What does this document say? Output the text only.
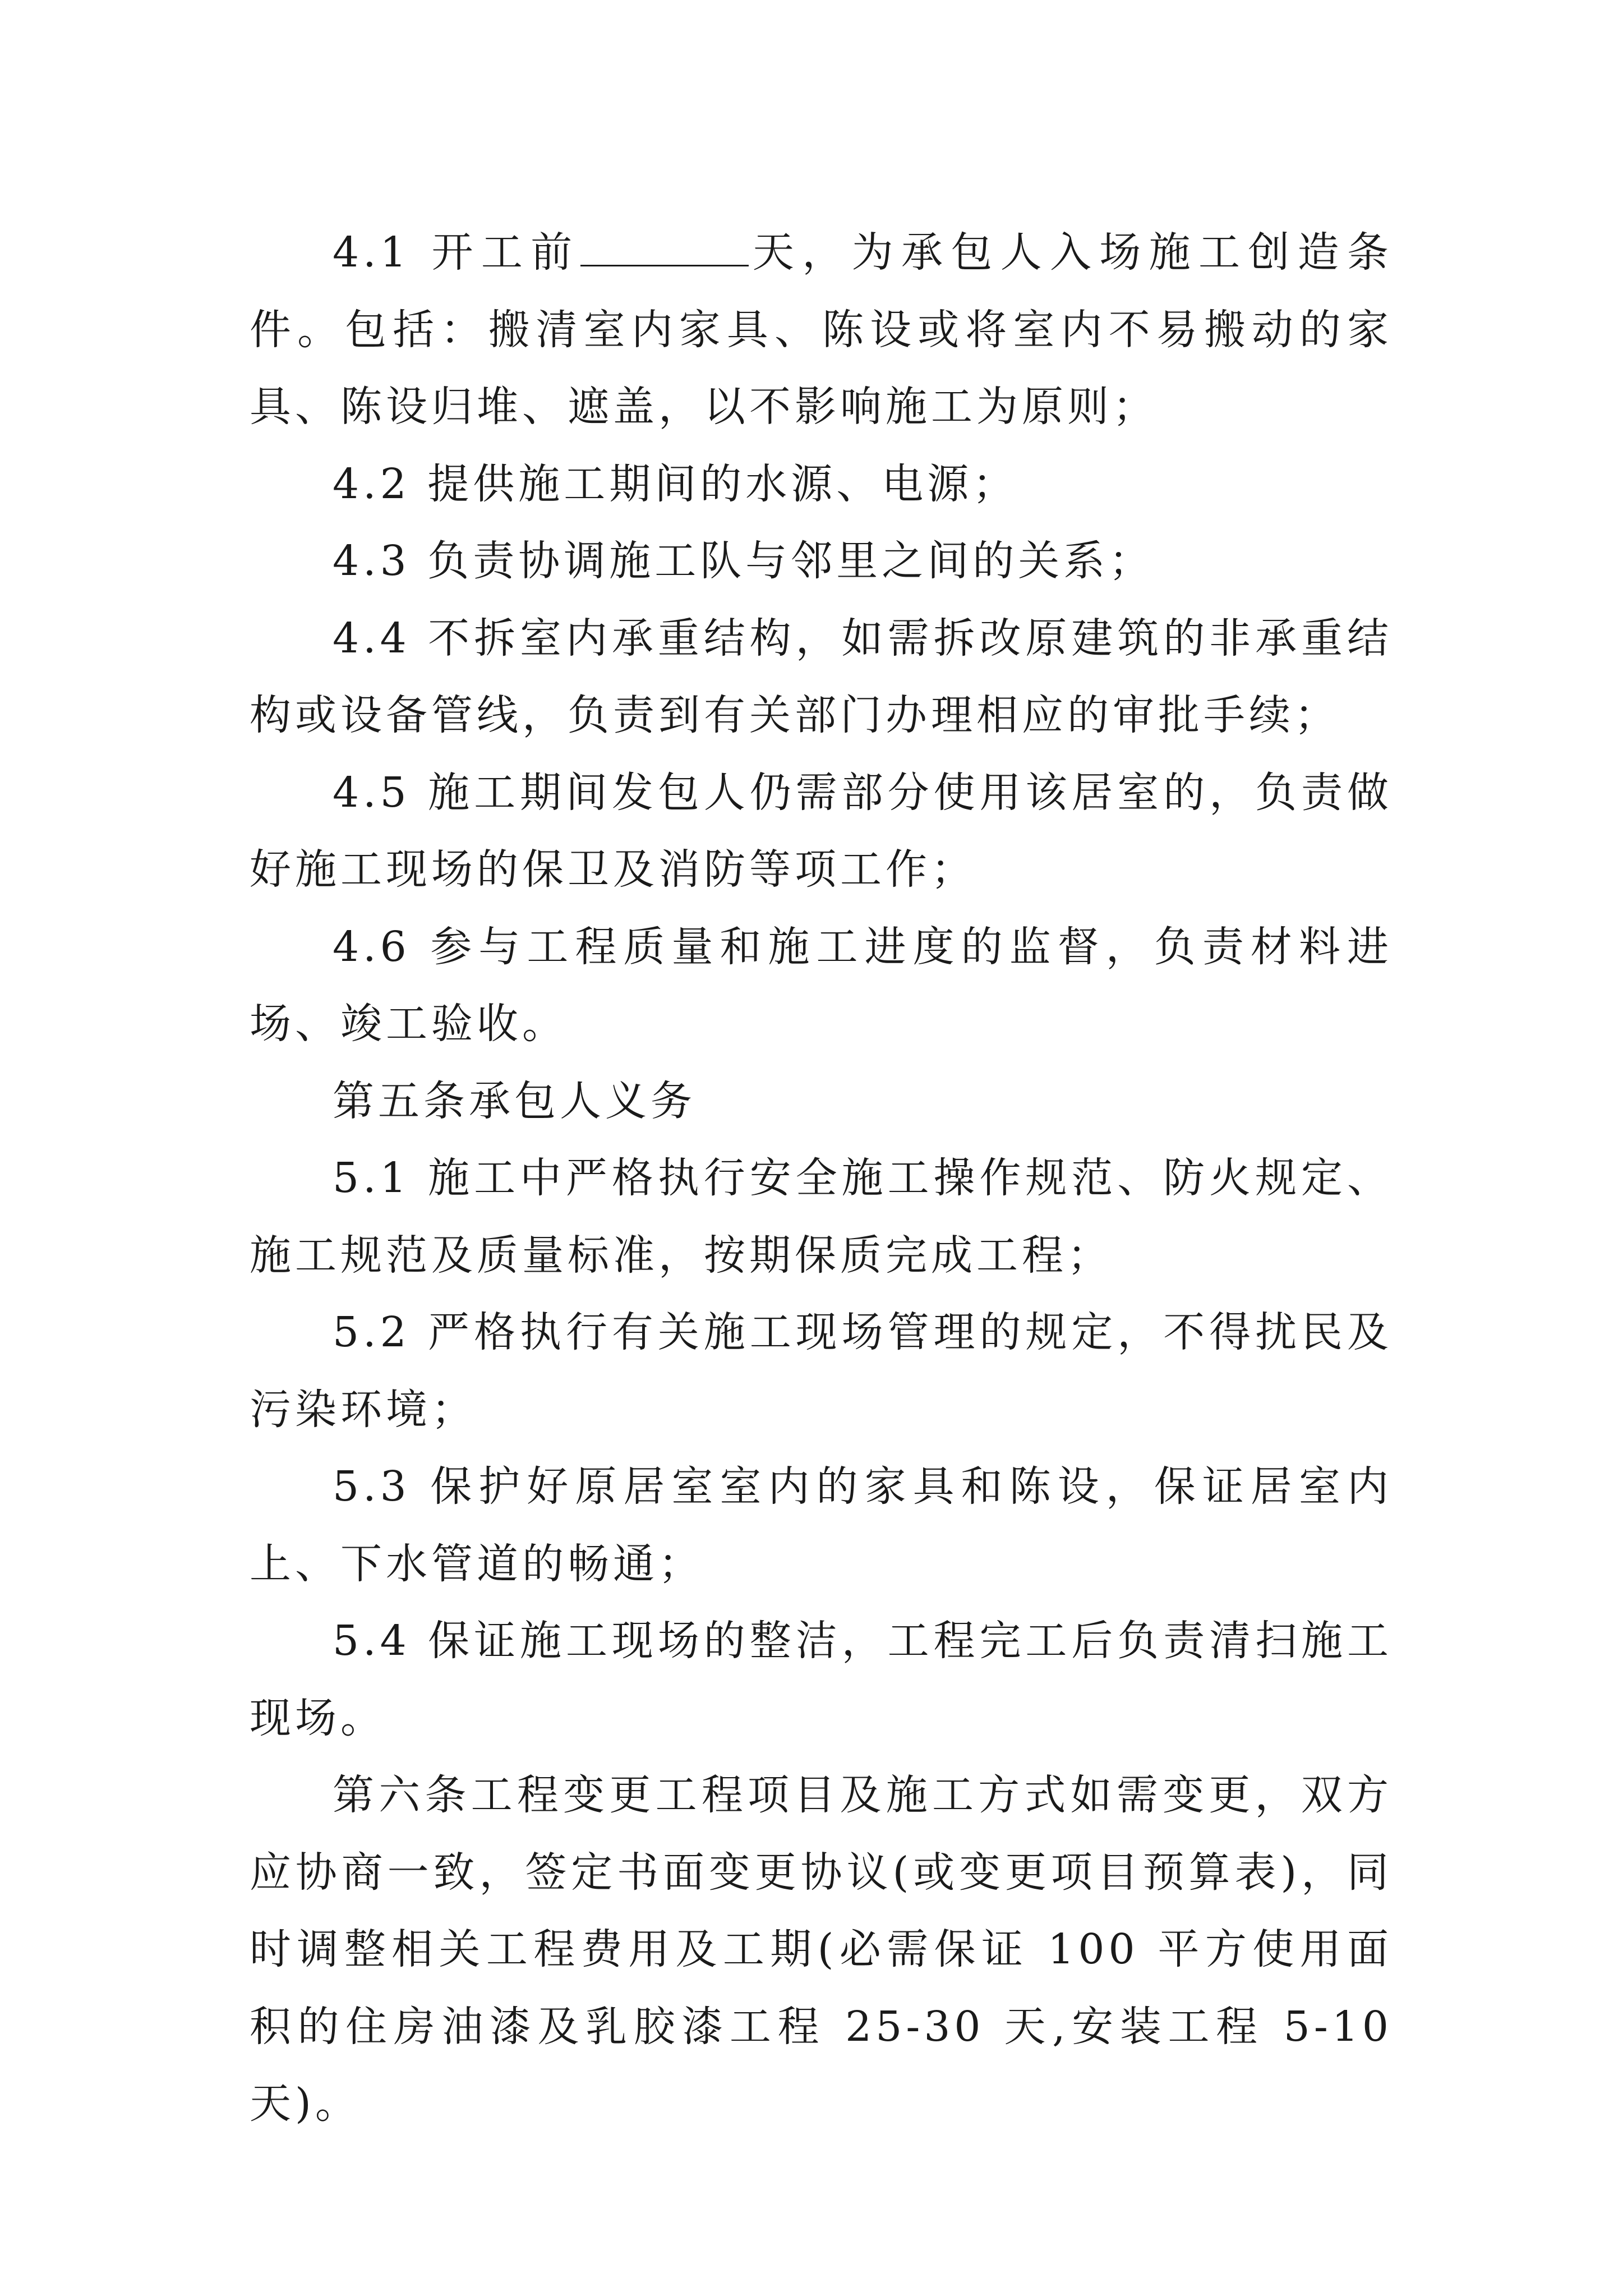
4.1 开工前	天，为承包人入场施工创造条件。包括：搬清室内家具、陈设或将室内不易搬动的家具、陈设归堆、遮盖，以不影响施工为原则；

4.2 提供施工期间的水源、电源；

4.3 负责协调施工队与邻里之间的关系；

4.4 不拆室内承重结构，如需拆改原建筑的非承重结构或设备管线，负责到有关部门办理相应的审批手续；

4.5 施工期间发包人仍需部分使用该居室的，负责做好施工现场的保卫及消防等项工作；

4.6 参与工程质量和施工进度的监督，负责材料进场、竣工验收。

第五条承包人义务

5.1 施工中严格执行安全施工操作规范、防火规定、施工规范及质量标准，按期保质完成工程；

5.2 严格执行有关施工现场管理的规定，不得扰民及污染环境；

5.3 保护好原居室室内的家具和陈设，保证居室内上、下水管道的畅通；

5.4 保证施工现场的整洁，工程完工后负责清扫施工现场。

第六条工程变更工程项目及施工方式如需变更，双方应协商一致，签定书面变更协议(或变更项目预算表)，同时调整相关工程费用及工期(必需保证 100 平方使用面积的住房油漆及乳胶漆工程 25-30 天,安装工程 5-10 天)。
